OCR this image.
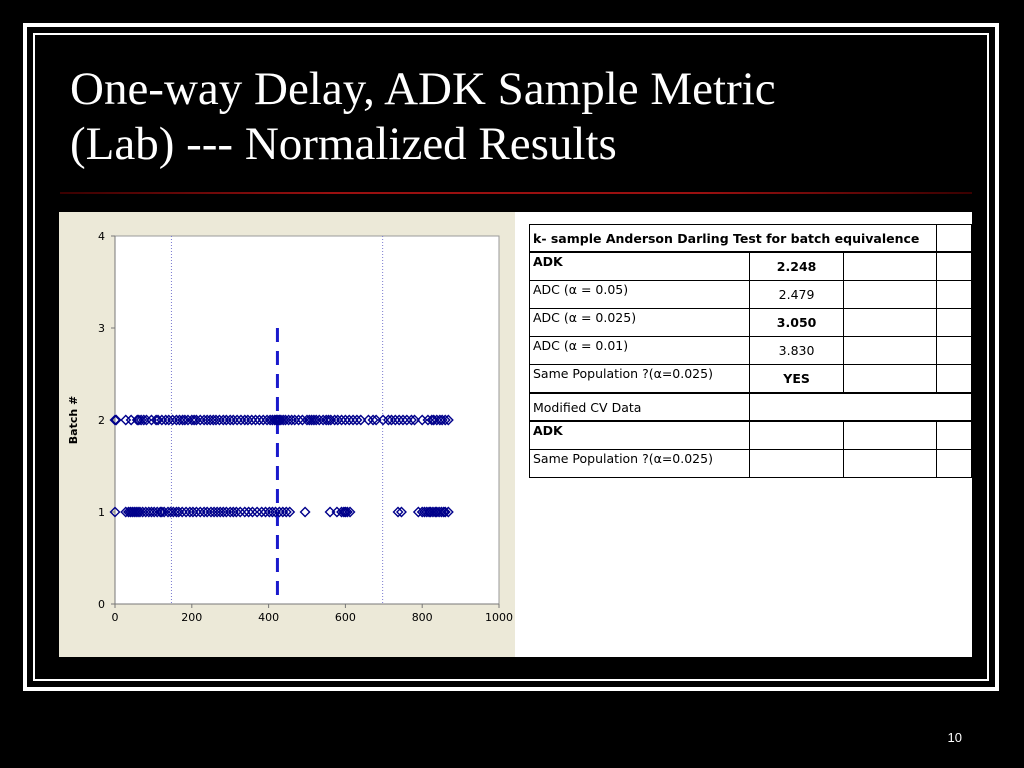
One-way Delay, ADK Sample Metric
(Lab) --- Normalized Results
0	200	400	600	800	1000
0
1
2
3
4
Batch #
k- sample Anderson Darling Test for batch equivalence			
ADK	2.248		
ADC (α = 0.05)	2.479		
ADC (α = 0.025)	3.050		
ADC (α = 0.01)	3.830		
Same Population ?(α=0.025)	YES		
Modified CV Data			
ADK			
Same Population ?(α=0.025)			
10
